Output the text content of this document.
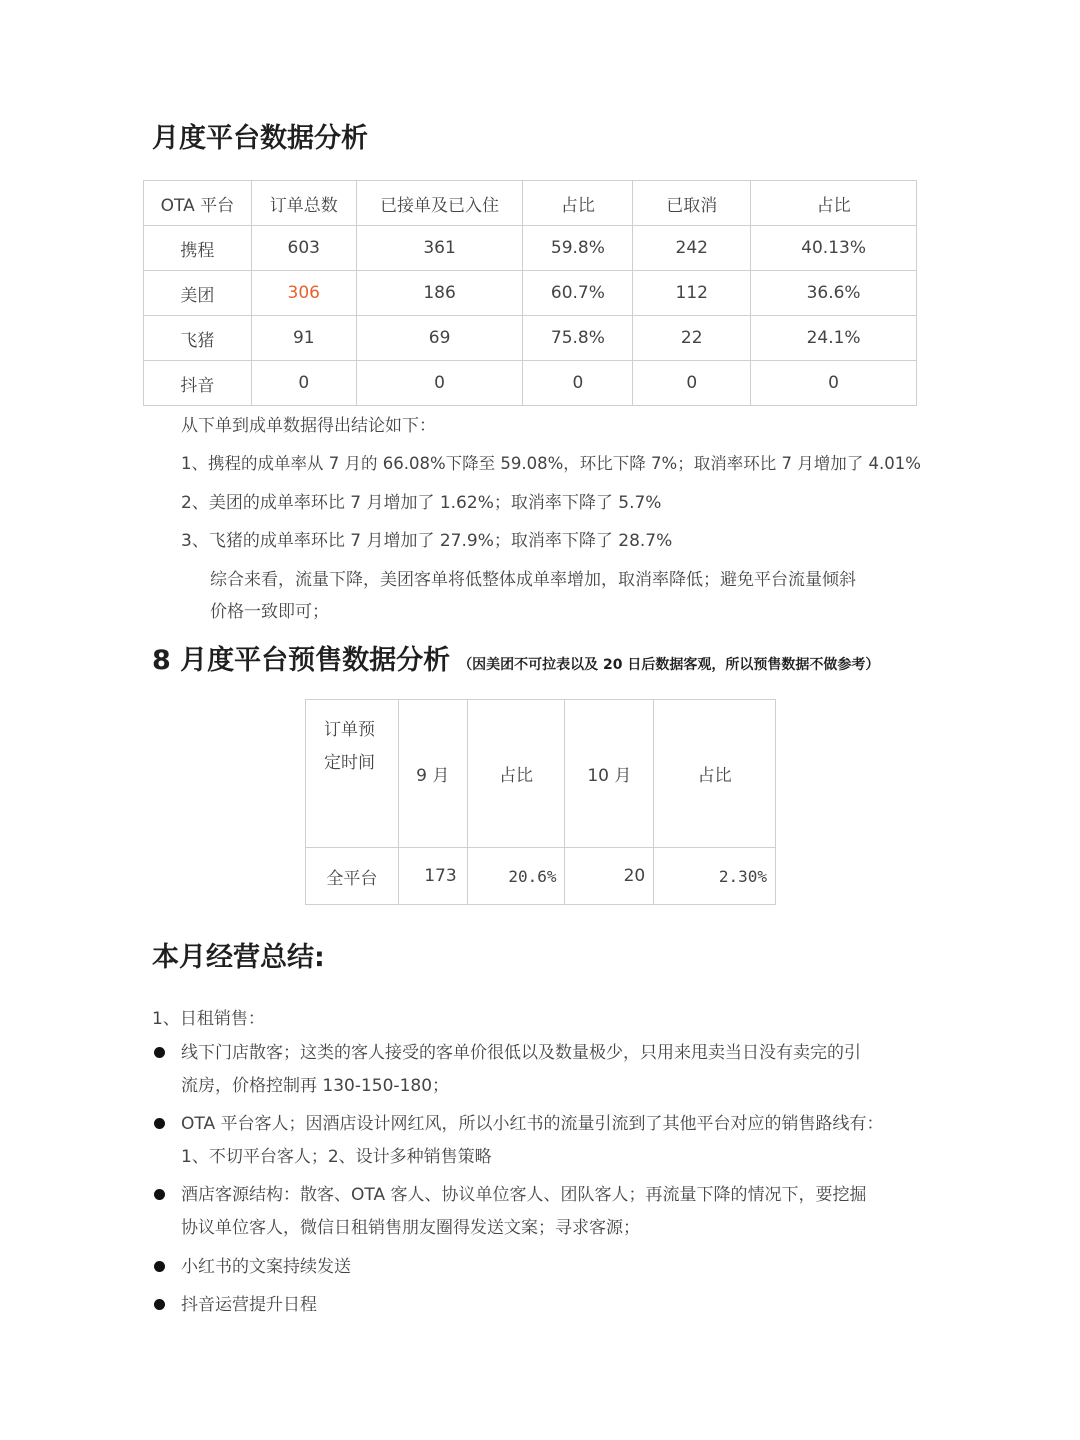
月度平台数据分析
OTA 平台	订单总数	已接单及已入住	占比	已取消	占比
携程	603	361	59.8%	242	40.13%
美团	306	186	60.7%	112	36.6%
飞猪	91	69	75.8%	22	24.1%
抖音	0	0	0	0	0
从下单到成单数据得出结论如下：
1、携程的成单率从 7 月的 66.08%下降至 59.08%，环比下降 7%；取消率环比 7 月增加了 4.01%
2、美团的成单率环比 7 月增加了 1.62%；取消率下降了 5.7%
3、飞猪的成单率环比 7 月增加了 27.9%；取消率下降了 28.7%
综合来看，流量下降，美团客单将低整体成单率增加，取消率降低；避免平台流量倾斜
价格一致即可；
8 月度平台预售数据分析 （因美团不可拉表以及 20 日后数据客观，所以预售数据不做参考）
订单预
定时间	9 月	占比	10 月	占比
全平台	173	20.6%	20	2.30%
本月经营总结:
1、日租销售：
线下门店散客；这类的客人接受的客单价很低以及数量极少，只用来甩卖当日没有卖完的引
流房，价格控制再 130-150-180；
OTA 平台客人；因酒店设计网红风，所以小红书的流量引流到了其他平台对应的销售路线有：
1、不切平台客人；2、设计多种销售策略
酒店客源结构：散客、OTA 客人、协议单位客人、团队客人；再流量下降的情况下，要挖掘
协议单位客人，微信日租销售朋友圈得发送文案；寻求客源；
小红书的文案持续发送
抖音运营提升日程
